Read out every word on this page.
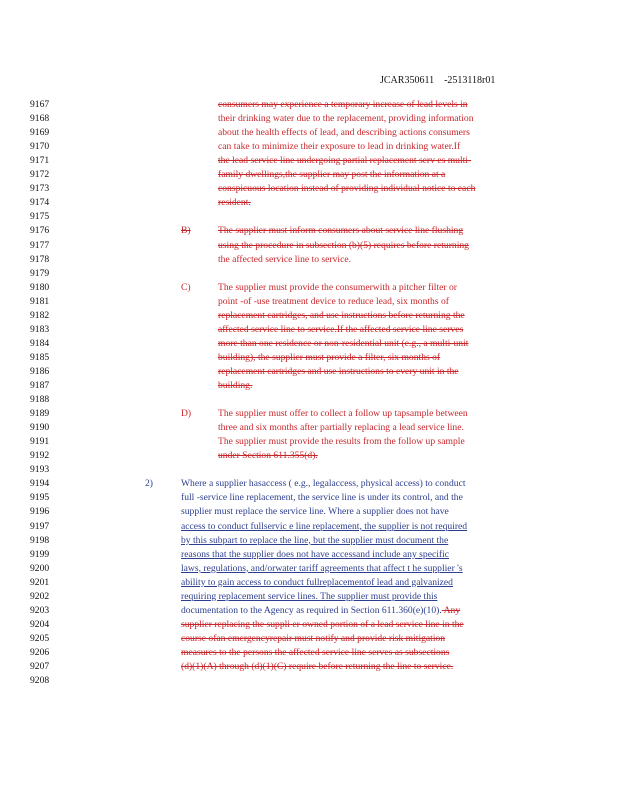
JCAR350611    -2513118r01
9167	consumers may experience a temporary increase of lead levels in
9168	their drinking water due to the replacement, providing information
9169	about the health effects of lead, and describing actions consumers
9170	can take to minimize their exposure to lead in drinking water.If
9171	the lead service line undergoing partial replacement serv es multi-
9172	family dwellings,the supplier may post the information at a
9173	conspicuous location instead of providing individual notice to each
9174	resident.
9175
9176	B)	The supplier must inform consumers about service line flushing
9177	using the procedure in subsection (b)(5) requires before returning
9178	the affected service line to service.
9179
9180	C)	The supplier must provide the consumerwith a pitcher filter or
9181	point -of -use treatment device to reduce lead, six months of
9182	replacement cartridges, and use instructions before returning the
9183	affected service line to service.If the affected service line serves
9184	more than one residence or non-residential unit (e.g., a multi-unit
9185	building), the supplier must provide a filter, six months of
9186	replacement cartridges and use instructions to every unit in the
9187	building.
9188
9189	D)	The supplier must offer to collect a follow up tapsample between
9190	three and six months after partially replacing a lead service line.
9191	The supplier must provide the results from the follow up sample
9192	under Section 611.355(d).
9193
9194	2)	Where a supplier hasaccess ( e.g., legalaccess, physical access) to conduct
9195	full -service line replacement, the service line is under its control, and the
9196	supplier must replace the service line. Where a supplier does not have
9197	access to conduct fullservic e line replacement, the supplier is not required
9198	by this subpart to replace the line, but the supplier must document the
9199	reasons that the supplier does not have accessand include any specific
9200	laws, regulations, and/orwater tariff agreements that affect t he supplier 's
9201	ability to gain access to conduct fullreplacementof lead and galvanized
9202	requiring replacement service lines. The supplier must provide this
9203	documentation to the Agency as required in Section 611.360(e)(10). Any
9204	supplier replacing the suppli er owned portion of a lead service line in the
9205	course ofan emergencyrepair must notify and provide risk mitigation
9206	measures to the persons the affected service line serves as subsections
9207	(d)(1)(A) through (d)(1)(C) require before returning the line to service.
9208
